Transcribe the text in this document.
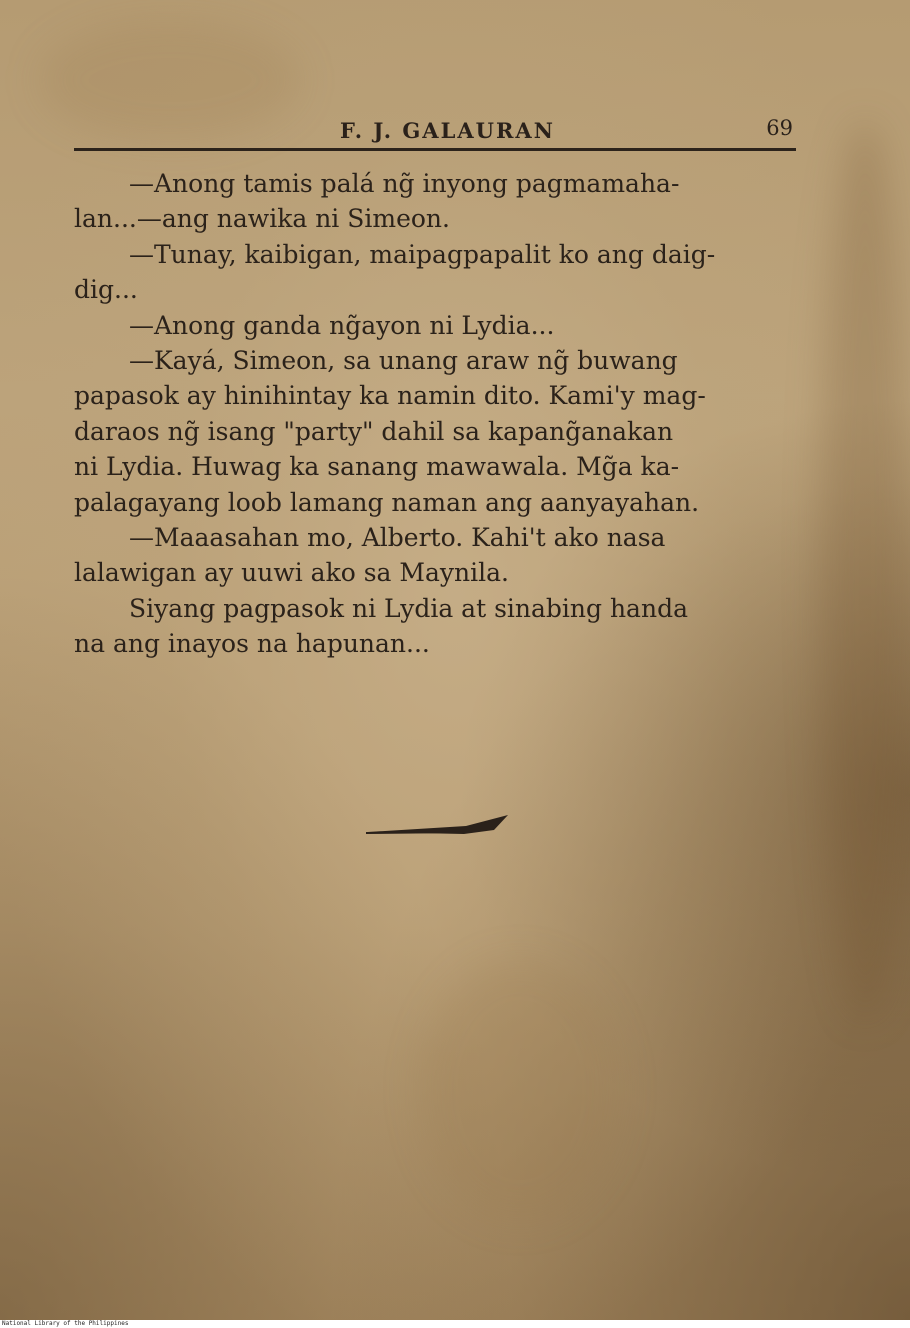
F. J. GALAURAN	69

—Anong tamis palá ng̃ inyong pagmamaha-
lan...—ang nawika ni Simeon.

—Tunay, kaibigan, maipagpapalit ko ang daig-
dig...

—Anong ganda ng̃ayon ni Lydia...

—Kayá, Simeon, sa unang araw ng̃ buwang
papasok ay hinihintay ka namin dito. Kami'y mag-
daraos ng̃ isang "party" dahil sa kapang̃anakan
ni Lydia. Huwag ka sanang mawawala. Mg̃a ka-
palagayang loob lamang naman ang aanyayahan.

—Maaasahan mo, Alberto. Kahi't ako nasa
lalawigan ay uuwi ako sa Maynila.

Siyang pagpasok ni Lydia at sinabing handa
na ang inayos na hapunan...

National Library of the Philippines
